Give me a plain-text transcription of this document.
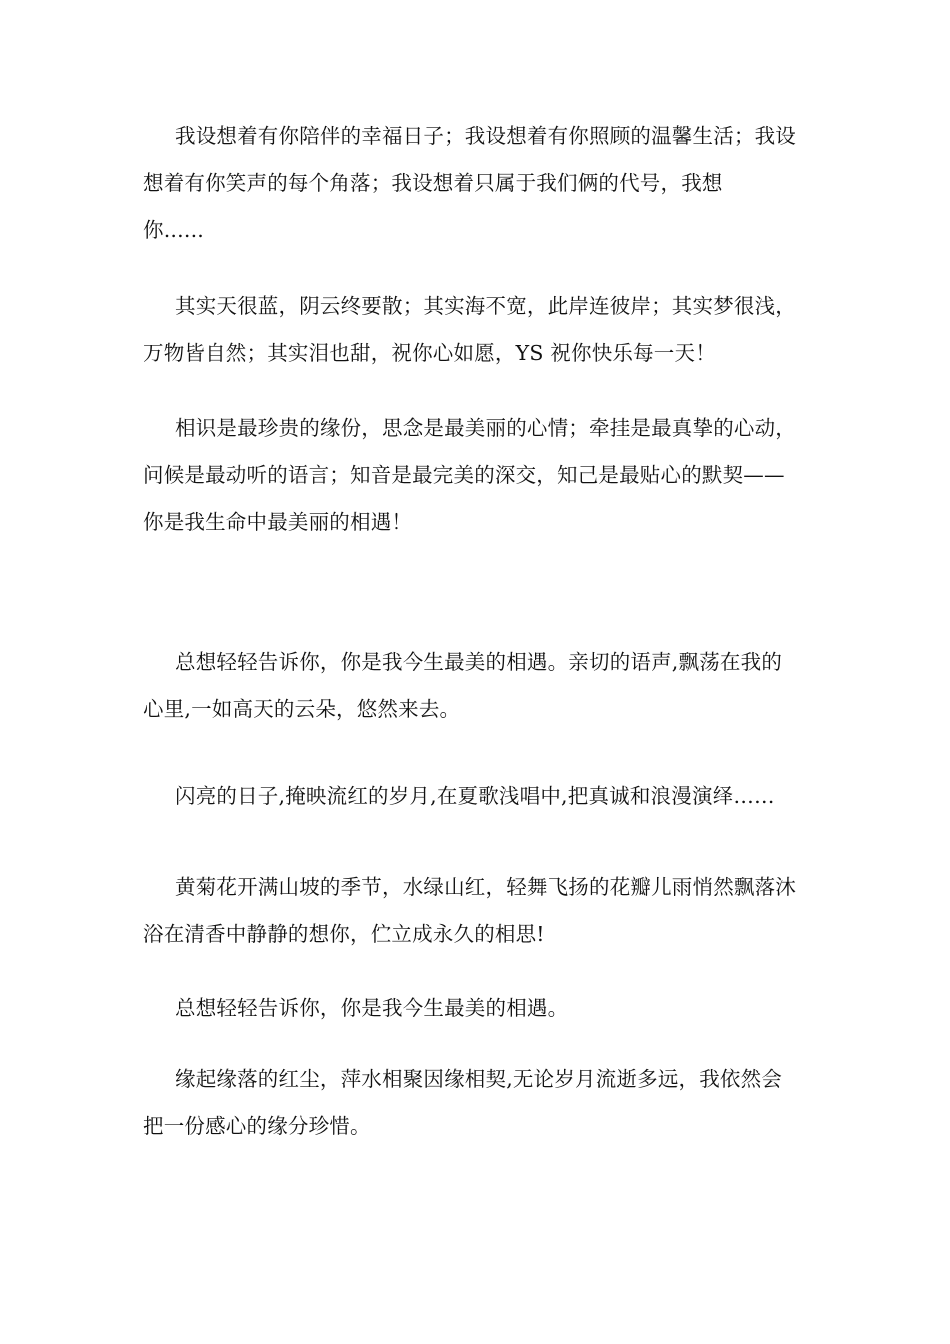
我设想着有你陪伴的幸福日子；我设想着有你照顾的温馨生活；我设
想着有你笑声的每个角落；我设想着只属于我们俩的代号，我想
你......
其实天很蓝，阴云终要散；其实海不宽，此岸连彼岸；其实梦很浅，
万物皆自然；其实泪也甜，祝你心如愿，YS 祝你快乐每一天！
相识是最珍贵的缘份，思念是最美丽的心情；牵挂是最真挚的心动，
问候是最动听的语言；知音是最完美的深交，知己是最贴心的默契——
你是我生命中最美丽的相遇！
总想轻轻告诉你，你是我今生最美的相遇。亲切的语声,飘荡在我的
心里,一如高天的云朵，悠然来去。
闪亮的日子,掩映流红的岁月,在夏歌浅唱中,把真诚和浪漫演绎……
黄菊花开满山坡的季节，水绿山红，轻舞飞扬的花瓣儿雨悄然飘落沐
浴在清香中静静的想你，伫立成永久的相思!
总想轻轻告诉你，你是我今生最美的相遇。
缘起缘落的红尘，萍水相聚因缘相契,无论岁月流逝多远，我依然会
把一份感心的缘分珍惜。
